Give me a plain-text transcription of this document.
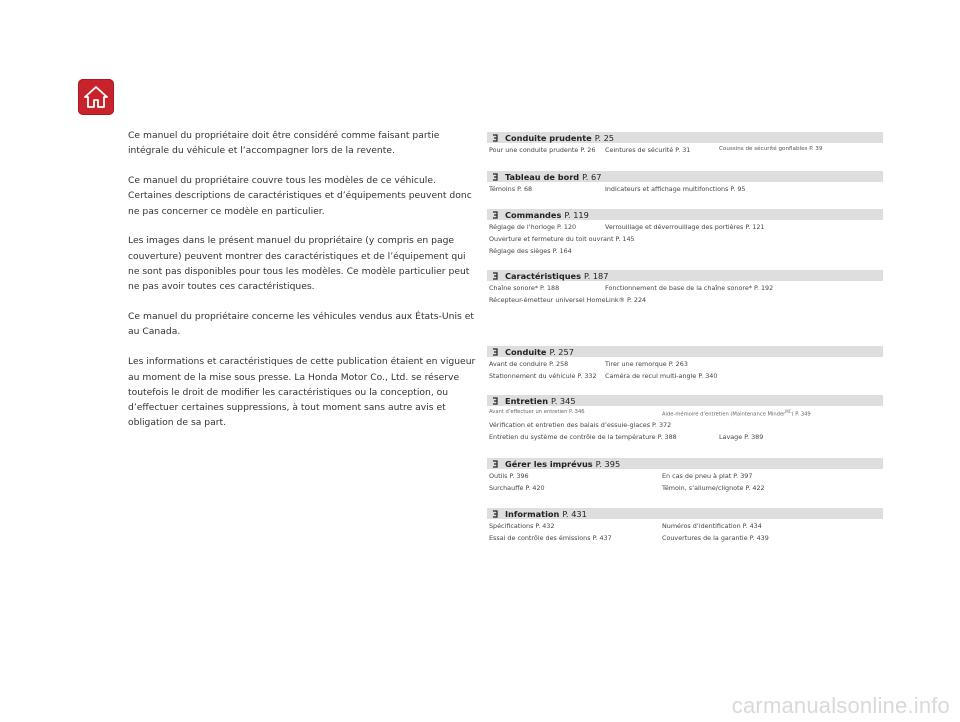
Ce manuel du propriétaire doit être considéré comme faisant partie intégrale du véhicule et l’accompagner lors de la revente.

Ce manuel du propriétaire couvre tous les modèles de ce véhicule. Certaines descriptions de caractéristiques et d’équipements peuvent donc ne pas concerner ce modèle en particulier.

Les images dans le présent manuel du propriétaire (y compris en page couverture) peuvent montrer des caractéristiques et de l’équipement qui ne sont pas disponibles pour tous les modèles. Ce modèle particulier peut ne pas avoir toutes ces caractéristiques.

Ce manuel du propriétaire concerne les véhicules vendus aux États-Unis et au Canada.

Les informations et caractéristiques de cette publication étaient en vigueur au moment de la mise sous presse. La Honda Motor Co., Ltd. se réserve toutefois le droit de modifier les caractéristiques ou la conception, ou d’effectuer certaines suppressions, à tout moment sans autre avis et obligation de sa part.

Conduite prudente P. 25
Pour une conduite prudente P. 26 Ceintures de sécurité P. 31	Coussins de sécurité gonflables P. 39
Tableau de bord P. 67
Témoins P. 68	Indicateurs et affichage multifonctions P. 95
Commandes P. 119
Réglage de l’horloge P. 120	Verrouillage et déverrouillage des portières P. 121
Ouverture et fermeture du toit ouvrant P. 145
Réglage des sièges P. 164
Caractéristiques P. 187
Chaîne sonore* P. 188	Fonctionnement de base de la chaîne sonore* P. 192
Récepteur-émetteur universel HomeLink® P. 224
Conduite P. 257
Avant de conduire P. 258	Tirer une remorque P. 263
Stationnement du véhicule P. 332 Caméra de recul multi-angle P. 340
Entretien P. 345
Avant d’effectuer un entretien P. 346	Aide-mémoire d’entretien (Maintenance Minder$^{MC}$) P. 349
Vérification et entretien des balais d’essuie-glaces P. 372
Entretien du système de contrôle de la température P. 388	Lavage P. 389
Gérer les imprévus P. 395
Outils P. 396	En cas de pneu à plat P. 397
Surchauffe P. 420	Témoin, s’allume/clignote P. 422
Information P. 431
Spécifications P. 432	Numéros d’identification P. 434
Essai de contrôle des émissions P. 437	Couvertures de la garantie P. 439
carmanualsonline.info
